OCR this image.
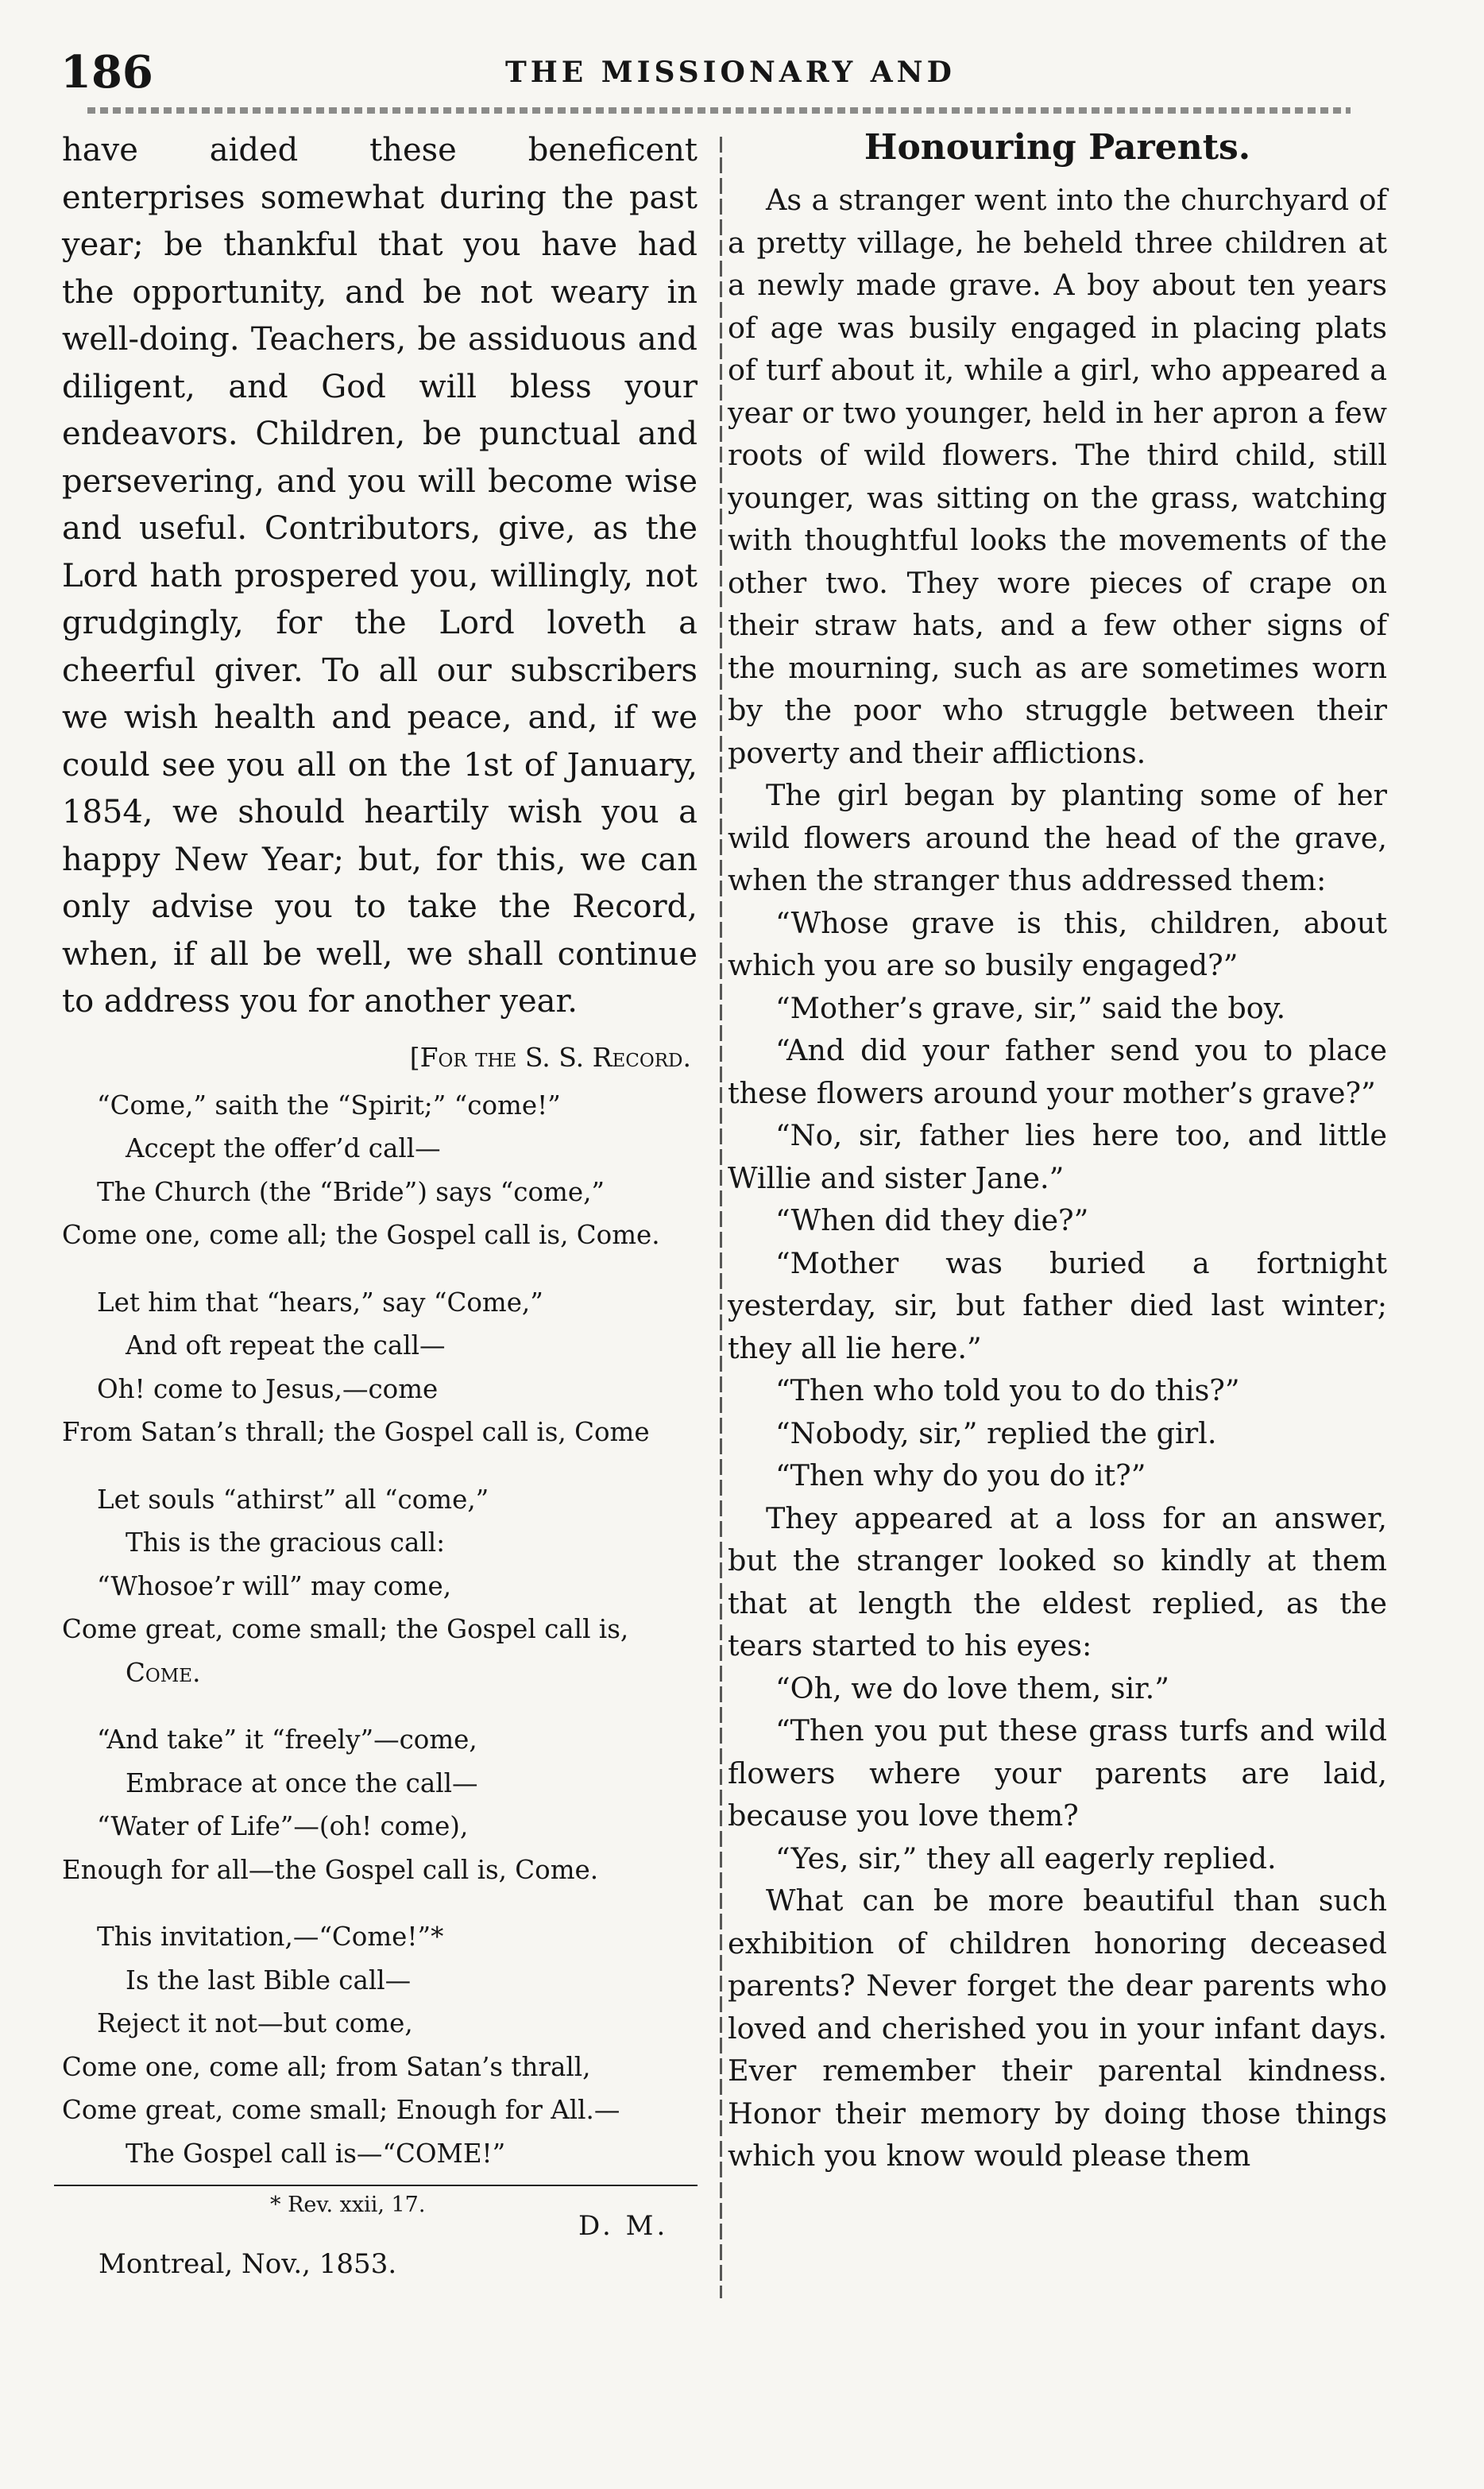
186	THE MISSIONARY AND

have aided these beneficent enterprises somewhat during the past year; be thankful that you have had the opportunity, and be not weary in well-doing. Teachers, be assiduous and diligent, and God will bless your endeavors. Children, be punctual and persevering, and you will become wise and useful. Contributors, give, as the Lord hath prospered you, willingly, not grudgingly, for the Lord loveth a cheerful giver. To all our subscribers we wish health and peace, and, if we could see you all on the 1st of January, 1854, we should heartily wish you a happy New Year; but, for this, we can only advise you to take the Record, when, if all be well, we shall continue to address you for another year.

[For the S. S. Record.
“Come,” saith the “Spirit;” “come!”
Accept the offer’d call—
The Church (the “Bride”) says “come,”
Come one, come all; the Gospel call is, Come.
Let him that “hears,” say “Come,”
And oft repeat the call—
Oh! come to Jesus,—come
From Satan’s thrall; the Gospel call is, Come
Let souls “athirst” all “come,”
This is the gracious call:
“Whosoe’r will” may come,
Come great, come small; the Gospel call is,
Come.
“And take” it “freely”—come,
Embrace at once the call—
“Water of Life”—(oh! come),
Enough for all—the Gospel call is, Come.
This invitation,—“Come!”*
Is the last Bible call—
Reject it not—but come,
Come one, come all; from Satan’s thrall,
Come great, come small; Enough for All.—
The Gospel call is—“COME!”
* Rev. xxii, 17.
D. M.
Montreal, Nov., 1853.
Honouring Parents.

As a stranger went into the churchyard of a pretty village, he beheld three children at a newly made grave. A boy about ten years of age was busily engaged in placing plats of turf about it, while a girl, who appeared a year or two younger, held in her apron a few roots of wild flowers. The third child, still younger, was sitting on the grass, watching with thoughtful looks the movements of the other two. They wore pieces of crape on their straw hats, and a few other signs of the mourning, such as are sometimes worn by the poor who struggle between their poverty and their afflictions.

The girl began by planting some of her wild flowers around the head of the grave, when the stranger thus addressed them:

“Whose grave is this, children, about which you are so busily engaged?”

“Mother’s grave, sir,” said the boy.

“And did your father send you to place these flowers around your mother’s grave?”

“No, sir, father lies here too, and little Willie and sister Jane.”

“When did they die?”

“Mother was buried a fortnight yesterday, sir, but father died last winter; they all lie here.”

“Then who told you to do this?”

“Nobody, sir,” replied the girl.

“Then why do you do it?”

They appeared at a loss for an answer, but the stranger looked so kindly at them that at length the eldest replied, as the tears started to his eyes:

“Oh, we do love them, sir.”

“Then you put these grass turfs and wild flowers where your parents are laid, because you love them?

“Yes, sir,” they all eagerly replied.

What can be more beautiful than such exhibition of children honoring deceased parents? Never forget the dear parents who loved and cherished you in your infant days. Ever remember their parental kindness. Honor their memory by doing those things which you know would please them
